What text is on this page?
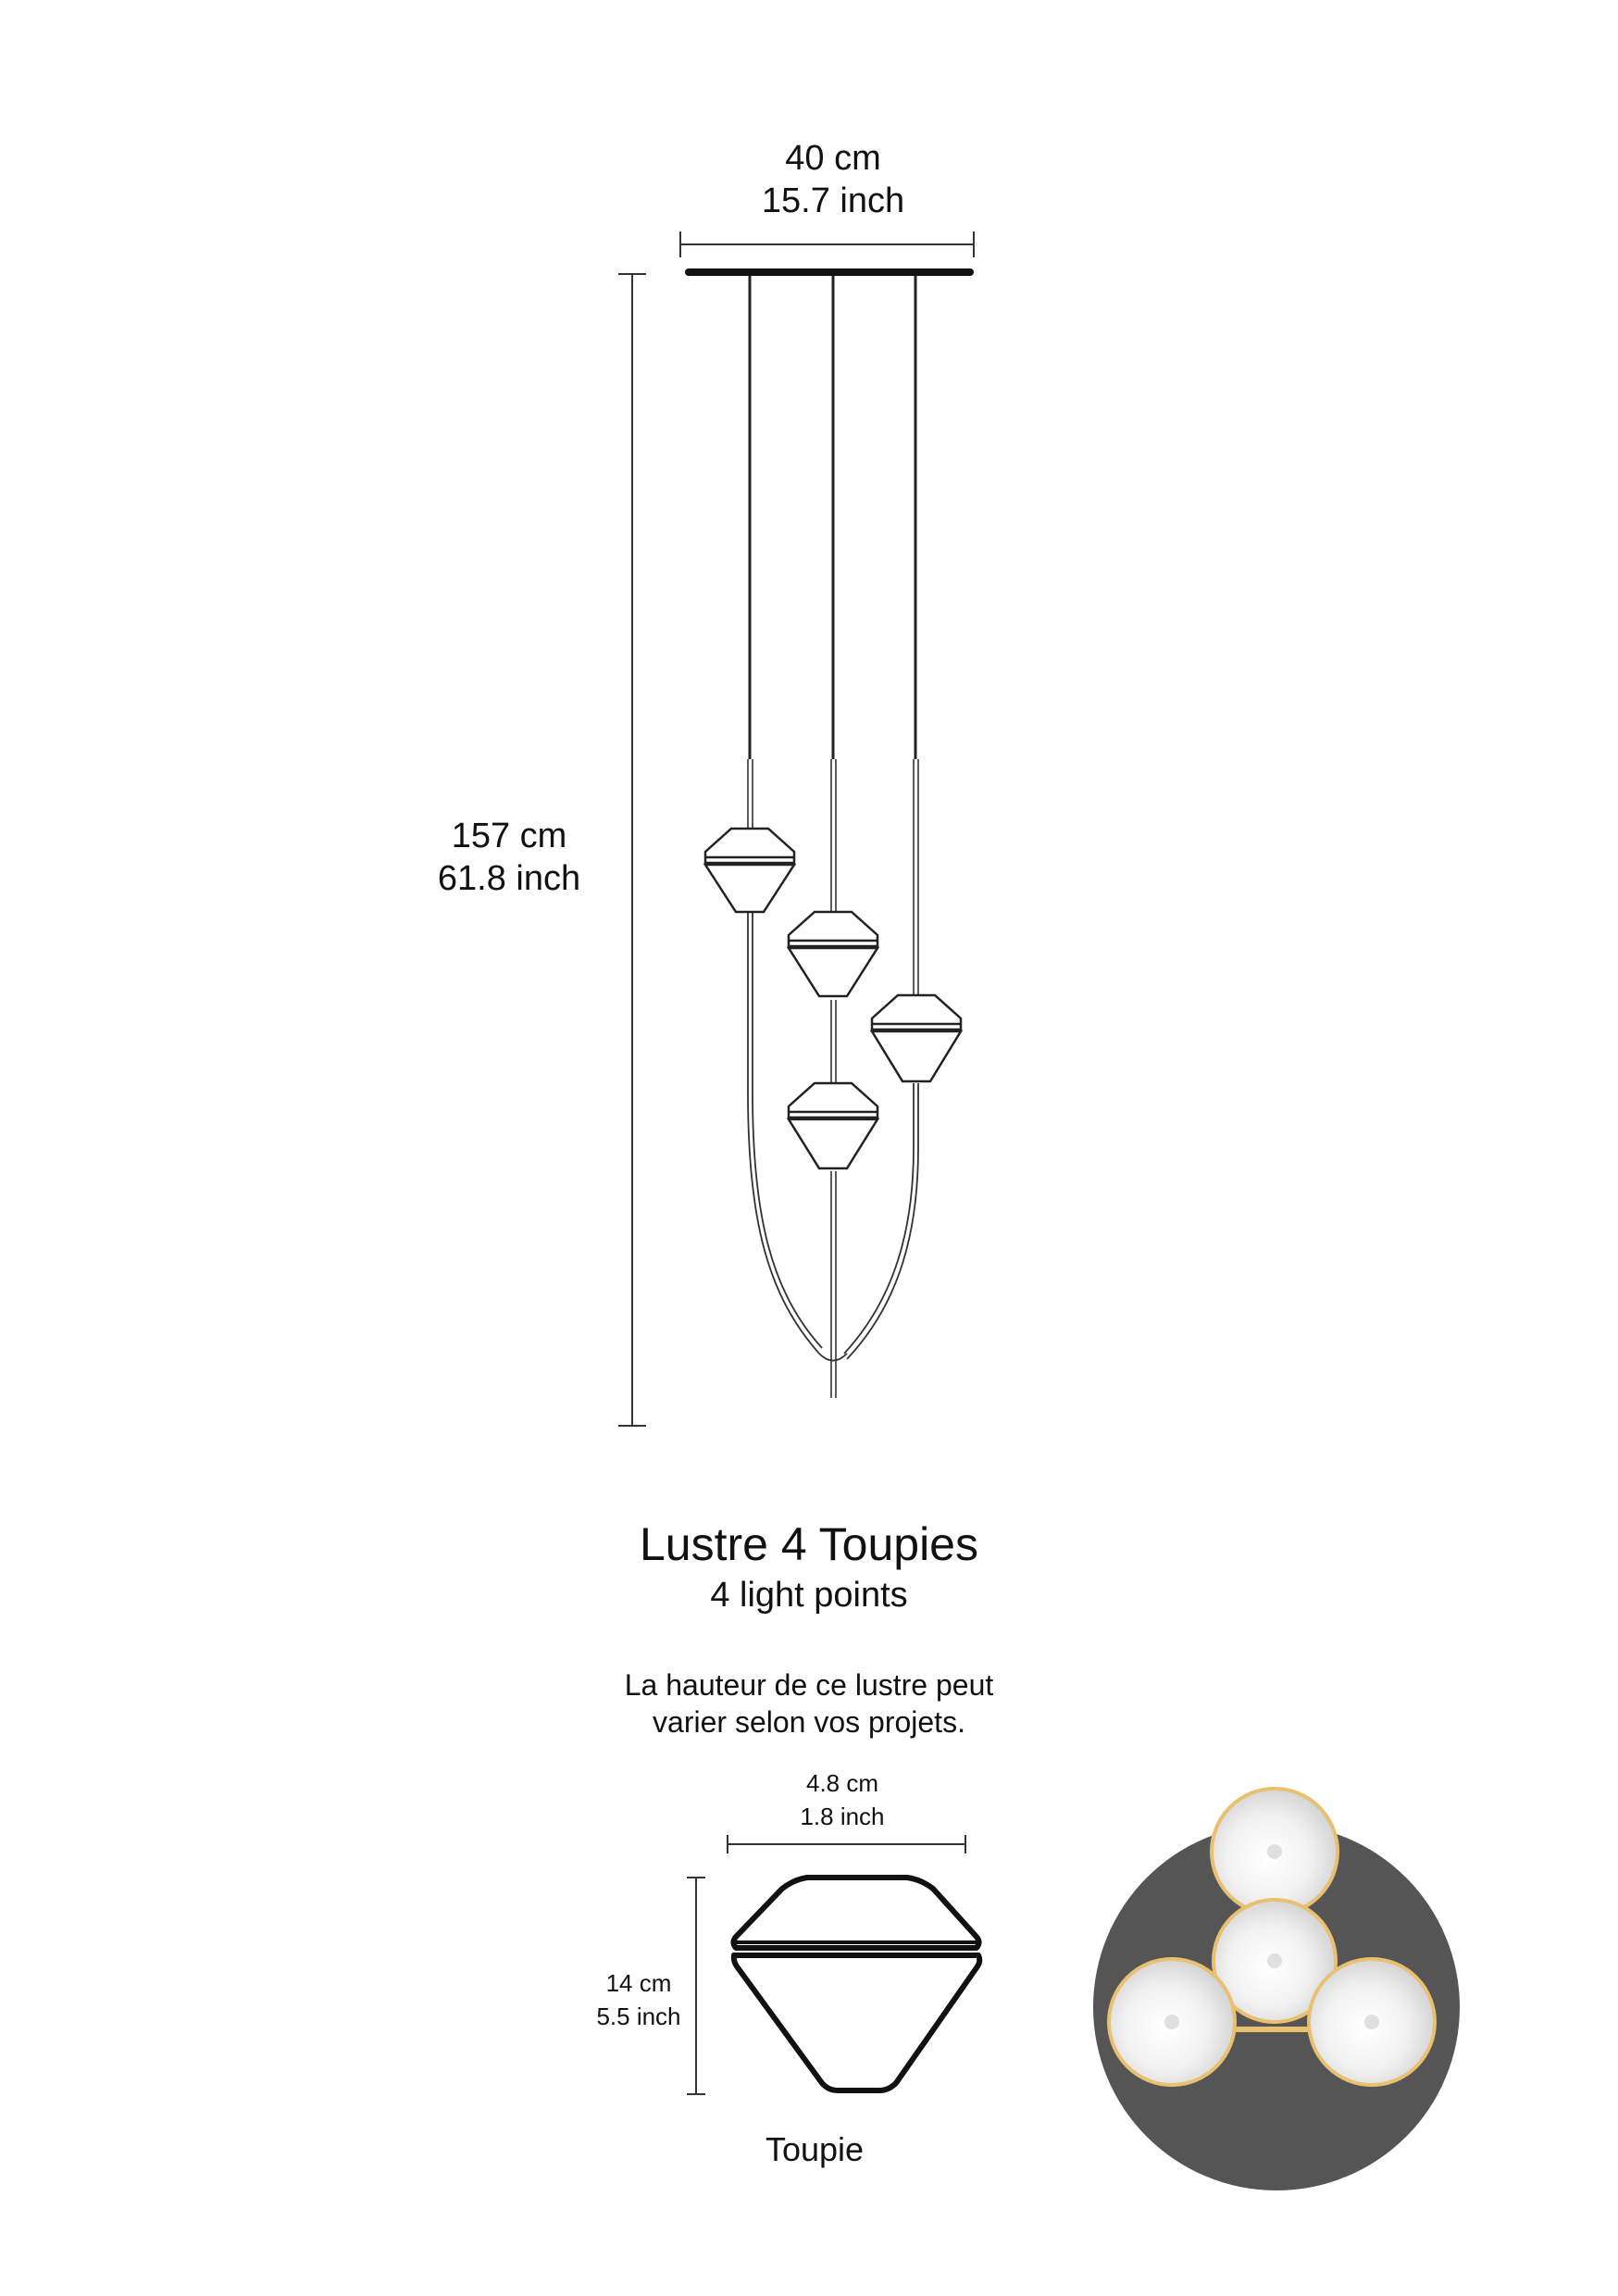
40 cm
15.7 inch
157 cm
61.8 inch
Lustre 4 Toupies
4 light points
La hauteur de ce lustre peut
varier selon vos projets.
4.8 cm
1.8 inch
14 cm
5.5 inch
Toupie
